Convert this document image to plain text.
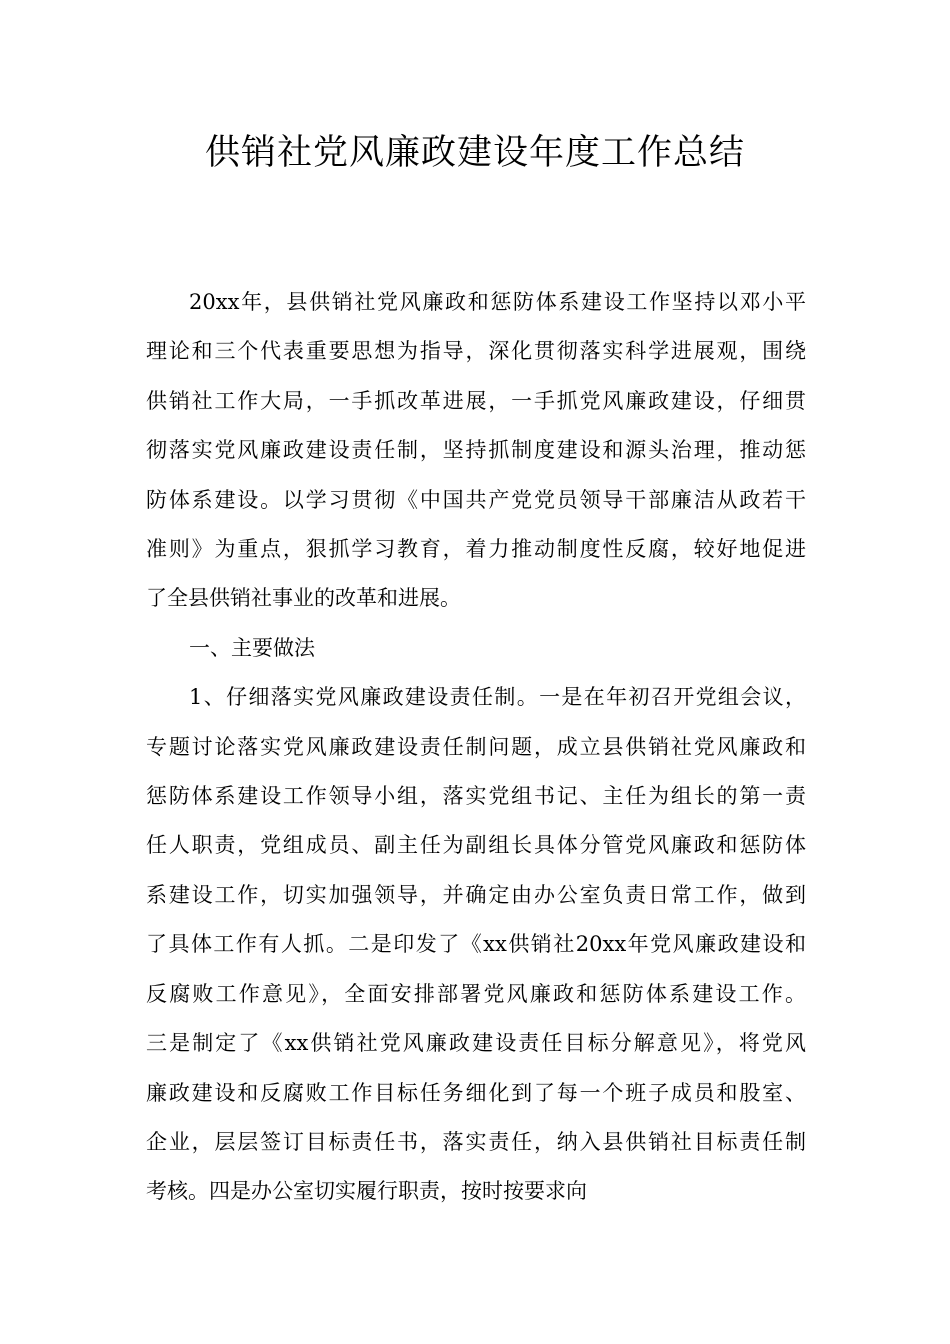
供销社党风廉政建设年度工作总结
20xx年，县供销社党风廉政和惩防体系建设工作坚持以邓小平
理论和三个代表重要思想为指导，深化贯彻落实科学进展观，围绕
供销社工作大局，一手抓改革进展，一手抓党风廉政建设，仔细贯
彻落实党风廉政建设责任制，坚持抓制度建设和源头治理，推动惩
防体系建设。以学习贯彻《中国共产党党员领导干部廉洁从政若干
准则》为重点，狠抓学习教育，着力推动制度性反腐，较好地促进
了全县供销社事业的改革和进展。
一、主要做法
1、仔细落实党风廉政建设责任制。一是在年初召开党组会议，
专题讨论落实党风廉政建设责任制问题，成立县供销社党风廉政和
惩防体系建设工作领导小组，落实党组书记、主任为组长的第一责
任人职责，党组成员、副主任为副组长具体分管党风廉政和惩防体
系建设工作，切实加强领导，并确定由办公室负责日常工作，做到
了具体工作有人抓。二是印发了《xx供销社20xx年党风廉政建设和
反腐败工作意见》，全面安排部署党风廉政和惩防体系建设工作。
三是制定了《xx供销社党风廉政建设责任目标分解意见》，将党风
廉政建设和反腐败工作目标任务细化到了每一个班子成员和股室、
企业，层层签订目标责任书，落实责任，纳入县供销社目标责任制
考核。四是办公室切实履行职责，按时按要求向
